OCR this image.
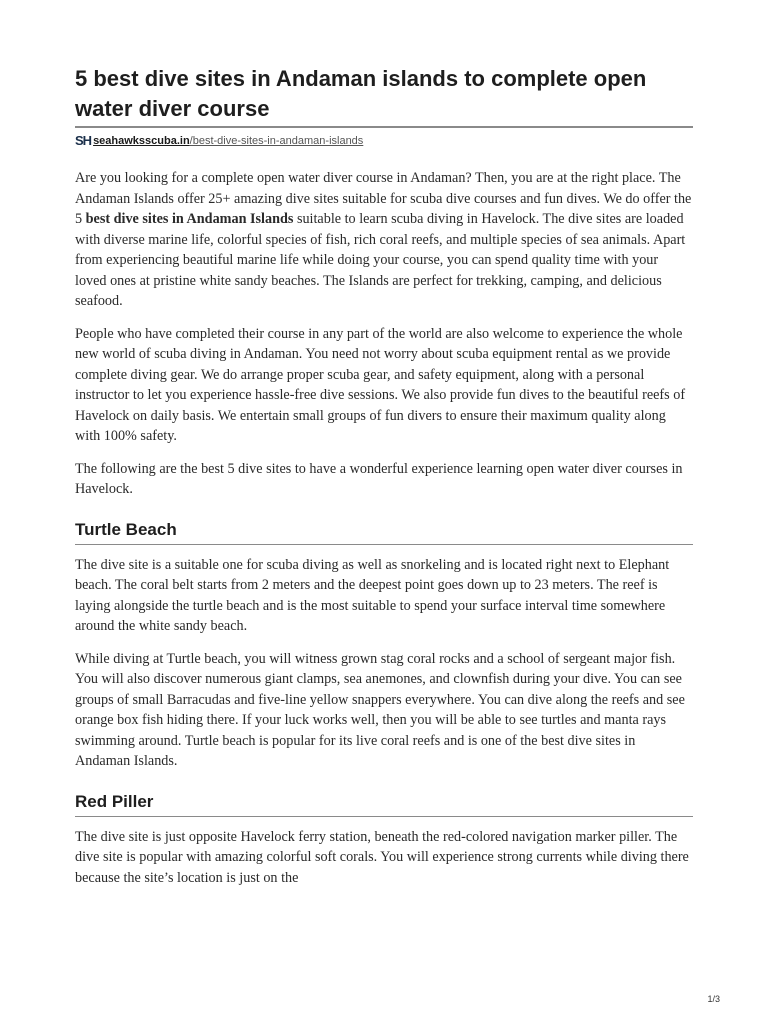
5 best dive sites in Andaman islands to complete open water diver course
SH seahawksscuba.in /best-dive-sites-in-andaman-islands

Are you looking for a complete open water diver course in Andaman? Then, you are at the right place. The Andaman Islands offer 25+ amazing dive sites suitable for scuba dive courses and fun dives. We do offer the 5 best dive sites in Andaman Islands suitable to learn scuba diving in Havelock. The dive sites are loaded with diverse marine life, colorful species of fish, rich coral reefs, and multiple species of sea animals. Apart from experiencing beautiful marine life while doing your course, you can spend quality time with your loved ones at pristine white sandy beaches. The Islands are perfect for trekking, camping, and delicious seafood.

People who have completed their course in any part of the world are also welcome to experience the whole new world of scuba diving in Andaman. You need not worry about scuba equipment rental as we provide complete diving gear. We do arrange proper scuba gear, and safety equipment, along with a personal instructor to let you experience hassle-free dive sessions. We also provide fun dives to the beautiful reefs of Havelock on daily basis. We entertain small groups of fun divers to ensure their maximum quality along with 100% safety.

The following are the best 5 dive sites to have a wonderful experience learning open water diver courses in Havelock.

Turtle Beach

The dive site is a suitable one for scuba diving as well as snorkeling and is located right next to Elephant beach. The coral belt starts from 2 meters and the deepest point goes down up to 23 meters. The reef is laying alongside the turtle beach and is the most suitable to spend your surface interval time somewhere around the white sandy beach.

While diving at Turtle beach, you will witness grown stag coral rocks and a school of sergeant major fish. You will also discover numerous giant clamps, sea anemones, and clownfish during your dive. You can see groups of small Barracudas and five-line yellow snappers everywhere. You can dive along the reefs and see orange box fish hiding there. If your luck works well, then you will be able to see turtles and manta rays swimming around. Turtle beach is popular for its live coral reefs and is one of the best dive sites in Andaman Islands.

Red Piller

The dive site is just opposite Havelock ferry station, beneath the red-colored navigation marker piller. The dive site is popular with amazing colorful soft corals. You will experience strong currents while diving there because the site’s location is just on the

1/3
